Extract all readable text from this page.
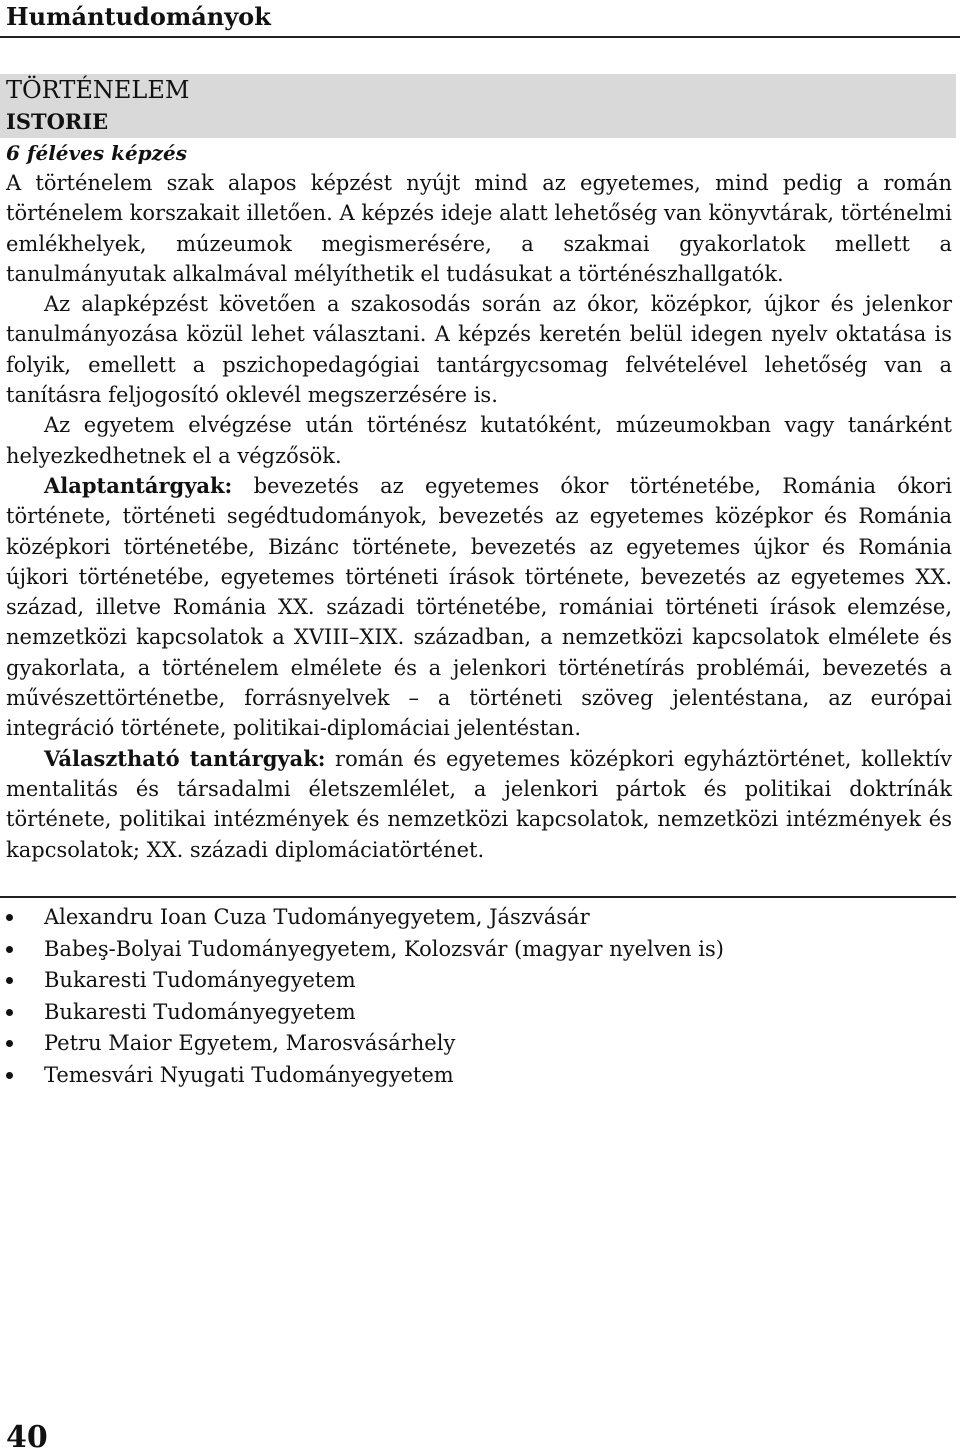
Humántudományok
TÖRTÉNELEM
ISTORIE
6 féléves képzés

A történelem szak alapos képzést nyújt mind az egyetemes, mind pedig a román történelem korszakait illetően. A képzés ideje alatt lehetőség van könyvtárak, történelmi emlékhelyek, múzeumok megismerésére, a szakmai gyakorlatok mellett a tanulmányutak alkalmával mélyíthetik el tudásukat a történészhallgatók.

Az alapképzést követően a szakosodás során az ókor, középkor, újkor és jelenkor tanulmányozása közül lehet választani. A képzés keretén belül idegen nyelv oktatása is folyik, emellett a pszichopedagógiai tantárgycsomag felvételével lehetőség van a tanításra feljogosító oklevél megszerzésére is.

Az egyetem elvégzése után történész kutatóként, múzeumokban vagy tanárként helyezkedhetnek el a végzősök.

Alaptantárgyak: bevezetés az egyetemes ókor történetébe, Románia ókori története, történeti segédtudományok, bevezetés az egyetemes középkor és Románia középkori történetébe, Bizánc története, bevezetés az egyetemes újkor és Románia újkori történetébe, egyetemes történeti írások története, bevezetés az egyetemes XX. század, illetve Románia XX. századi történetébe, romániai történeti írások elemzése, nemzetközi kapcsolatok a XVIII–XIX. században, a nemzetközi kapcsolatok elmélete és gyakorlata, a történelem elmélete és a jelenkori történetírás problémái, bevezetés a művészettörténetbe, forrásnyelvek – a történeti szöveg jelentéstana, az európai integráció története, politikai-diplomáciai jelentéstan.

Választható tantárgyak: román és egyetemes középkori egyháztörténet, kollektív mentalitás és társadalmi életszemlélet, a jelenkori pártok és politikai doktrínák története, politikai intézmények és nemzetközi kapcsolatok, nemzetközi intézmények és kapcsolatok; XX. századi diplomáciatörténet.

Alexandru Ioan Cuza Tudományegyetem, Jászvásár
Babeş-Bolyai Tudományegyetem, Kolozsvár (magyar nyelven is)
Bukaresti Tudományegyetem
Bukaresti Tudományegyetem
Petru Maior Egyetem, Marosvásárhely
Temesvári Nyugati Tudományegyetem
40
